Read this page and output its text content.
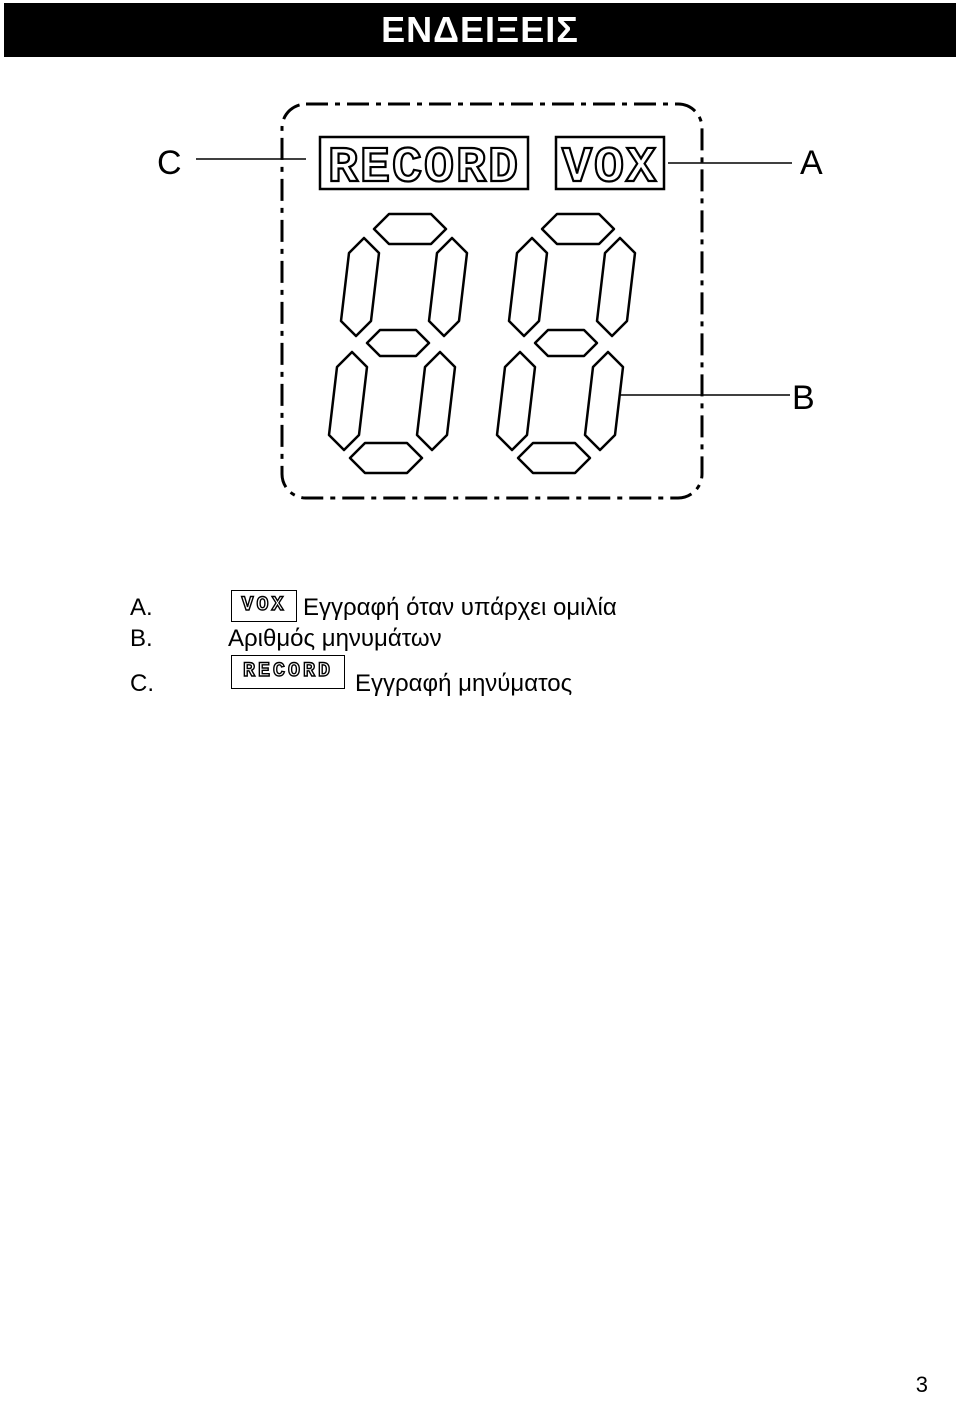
ΕΝΔΕΙΞΕΙΣ
RECORD VOX
C	A
B
A.	VOX Εγγραφή όταν υπάρχει ομιλία
B.	Αριθμός μηνυμάτων
C.	RECORD Εγγραφή μηνύματος
3
